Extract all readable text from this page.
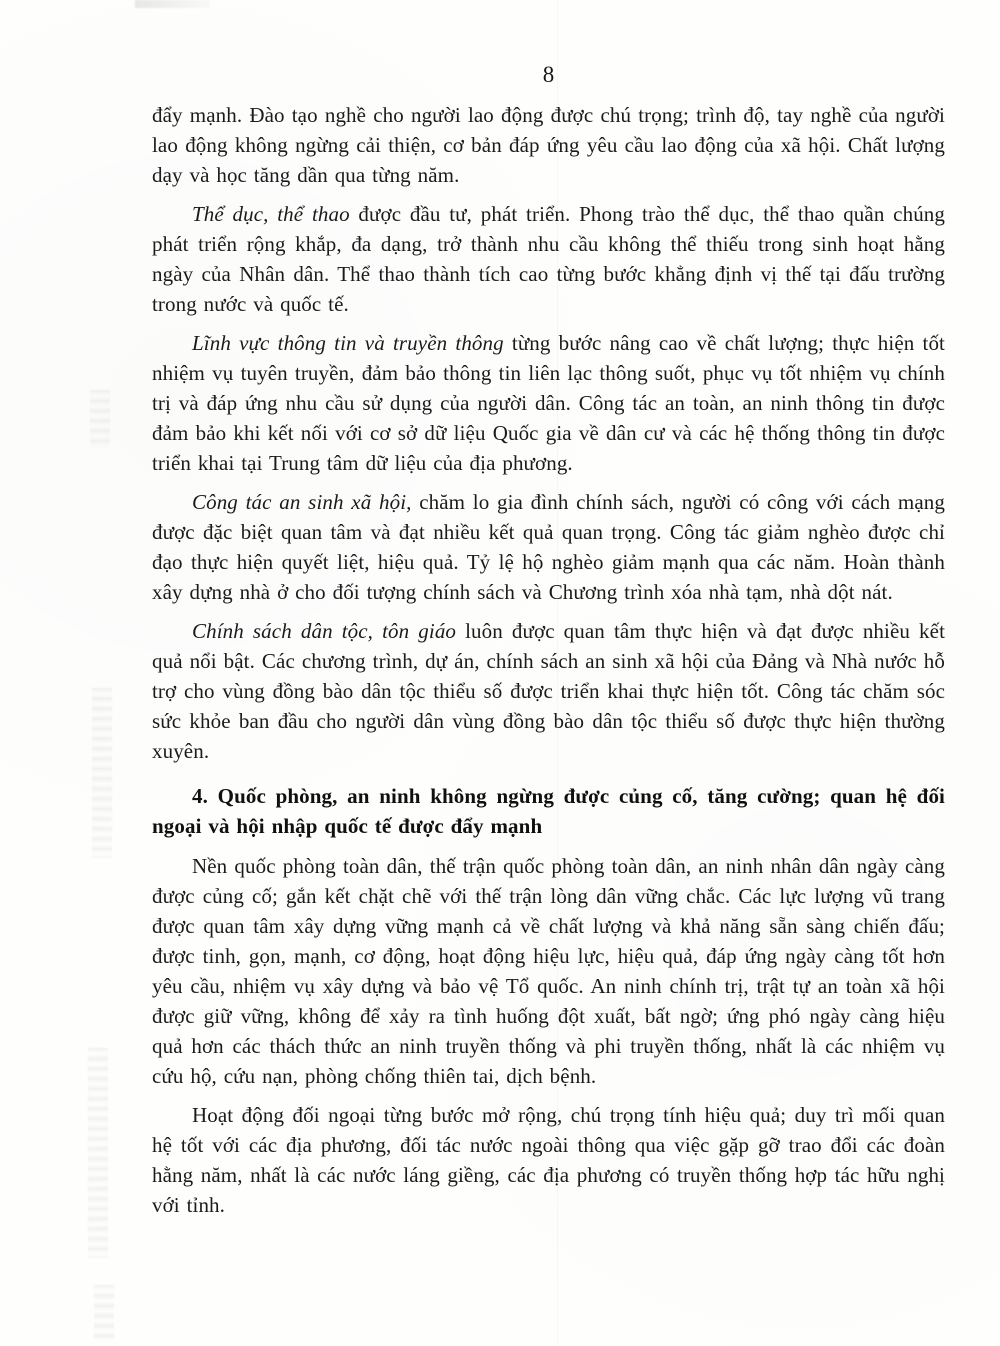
8

đẩy mạnh. Đào tạo nghề cho người lao động được chú trọng; trình độ, tay nghề của người lao động không ngừng cải thiện, cơ bản đáp ứng yêu cầu lao động của xã hội. Chất lượng dạy và học tăng dần qua từng năm.

Thể dục, thể thao được đầu tư, phát triển. Phong trào thể dục, thể thao quần chúng phát triển rộng khắp, đa dạng, trở thành nhu cầu không thể thiếu trong sinh hoạt hằng ngày của Nhân dân. Thể thao thành tích cao từng bước khẳng định vị thế tại đấu trường trong nước và quốc tế.

Lĩnh vực thông tin và truyền thông từng bước nâng cao về chất lượng; thực hiện tốt nhiệm vụ tuyên truyền, đảm bảo thông tin liên lạc thông suốt, phục vụ tốt nhiệm vụ chính trị và đáp ứng nhu cầu sử dụng của người dân. Công tác an toàn, an ninh thông tin được đảm bảo khi kết nối với cơ sở dữ liệu Quốc gia về dân cư và các hệ thống thông tin được triển khai tại Trung tâm dữ liệu của địa phương.

Công tác an sinh xã hội, chăm lo gia đình chính sách, người có công với cách mạng được đặc biệt quan tâm và đạt nhiều kết quả quan trọng. Công tác giảm nghèo được chỉ đạo thực hiện quyết liệt, hiệu quả. Tỷ lệ hộ nghèo giảm mạnh qua các năm. Hoàn thành xây dựng nhà ở cho đối tượng chính sách và Chương trình xóa nhà tạm, nhà dột nát.

Chính sách dân tộc, tôn giáo luôn được quan tâm thực hiện và đạt được nhiều kết quả nổi bật. Các chương trình, dự án, chính sách an sinh xã hội của Đảng và Nhà nước hỗ trợ cho vùng đồng bào dân tộc thiểu số được triển khai thực hiện tốt. Công tác chăm sóc sức khỏe ban đầu cho người dân vùng đồng bào dân tộc thiểu số được thực hiện thường xuyên.

4. Quốc phòng, an ninh không ngừng được củng cố, tăng cường; quan hệ đối ngoại và hội nhập quốc tế được đẩy mạnh

Nền quốc phòng toàn dân, thế trận quốc phòng toàn dân, an ninh nhân dân ngày càng được củng cố; gắn kết chặt chẽ với thế trận lòng dân vững chắc. Các lực lượng vũ trang được quan tâm xây dựng vững mạnh cả về chất lượng và khả năng sẵn sàng chiến đấu; được tinh, gọn, mạnh, cơ động, hoạt động hiệu lực, hiệu quả, đáp ứng ngày càng tốt hơn yêu cầu, nhiệm vụ xây dựng và bảo vệ Tổ quốc. An ninh chính trị, trật tự an toàn xã hội được giữ vững, không để xảy ra tình huống đột xuất, bất ngờ; ứng phó ngày càng hiệu quả hơn các thách thức an ninh truyền thống và phi truyền thống, nhất là các nhiệm vụ cứu hộ, cứu nạn, phòng chống thiên tai, dịch bệnh.

Hoạt động đối ngoại từng bước mở rộng, chú trọng tính hiệu quả; duy trì mối quan hệ tốt với các địa phương, đối tác nước ngoài thông qua việc gặp gỡ trao đổi các đoàn hằng năm, nhất là các nước láng giềng, các địa phương có truyền thống hợp tác hữu nghị với tỉnh.
